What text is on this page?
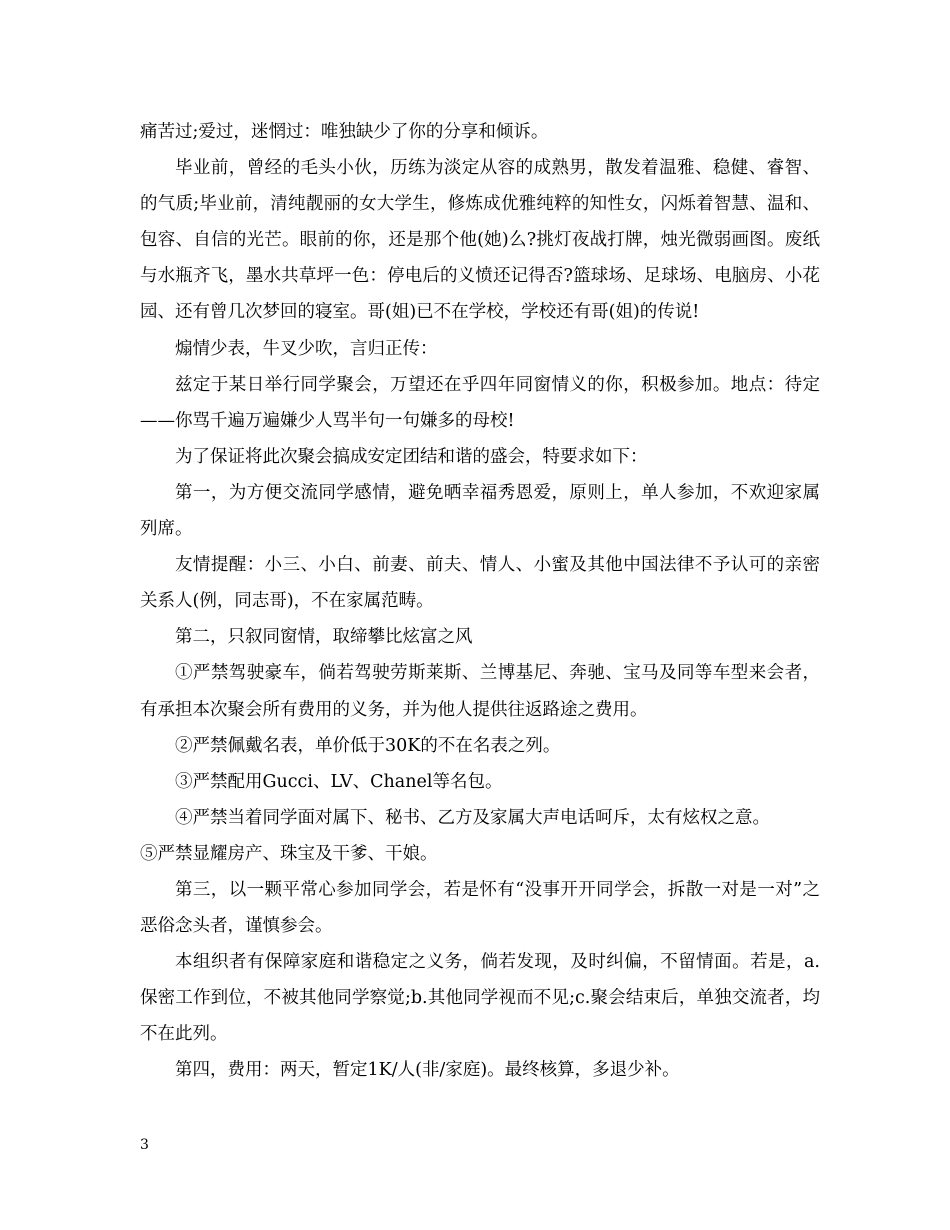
痛苦过;爱过，迷惘过：唯独缺少了你的分享和倾诉。

毕业前，曾经的毛头小伙，历练为淡定从容的成熟男，散发着温雅、稳健、睿智、的气质;毕业前，清纯靓丽的女大学生，修炼成优雅纯粹的知性女，闪烁着智慧、温和、包容、自信的光芒。眼前的你，还是那个他(她)么?挑灯夜战打牌，烛光微弱画图。废纸与水瓶齐飞，墨水共草坪一色：停电后的义愤还记得否?篮球场、足球场、电脑房、小花园、还有曾几次梦回的寝室。哥(姐)已不在学校，学校还有哥(姐)的传说!

煽情少表，牛叉少吹，言归正传：

兹定于某日举行同学聚会，万望还在乎四年同窗情义的你，积极参加。地点：待定——你骂千遍万遍嫌少人骂半句一句嫌多的母校!

为了保证将此次聚会搞成安定团结和谐的盛会，特要求如下：

第一，为方便交流同学感情，避免晒幸福秀恩爱，原则上，单人参加，不欢迎家属列席。

友情提醒：小三、小白、前妻、前夫、情人、小蜜及其他中国法律不予认可的亲密关系人(例，同志哥)，不在家属范畴。

第二，只叙同窗情，取缔攀比炫富之风

①严禁驾驶豪车，倘若驾驶劳斯莱斯、兰博基尼、奔驰、宝马及同等车型来会者，有承担本次聚会所有费用的义务，并为他人提供往返路途之费用。

②严禁佩戴名表，单价低于30K的不在名表之列。

③严禁配用Gucci、LV、Chanel等名包。

④严禁当着同学面对属下、秘书、乙方及家属大声电话呵斥，太有炫权之意。

⑤严禁显耀房产、珠宝及干爹、干娘。

第三，以一颗平常心参加同学会，若是怀有“没事开开同学会，拆散一对是一对”之恶俗念头者，谨慎参会。

本组织者有保障家庭和谐稳定之义务，倘若发现，及时纠偏，不留情面。若是，a.保密工作到位，不被其他同学察觉;b.其他同学视而不见;c.聚会结束后，单独交流者，均不在此列。

第四，费用：两天，暂定1K/人(非/家庭)。最终核算，多退少补。

3
